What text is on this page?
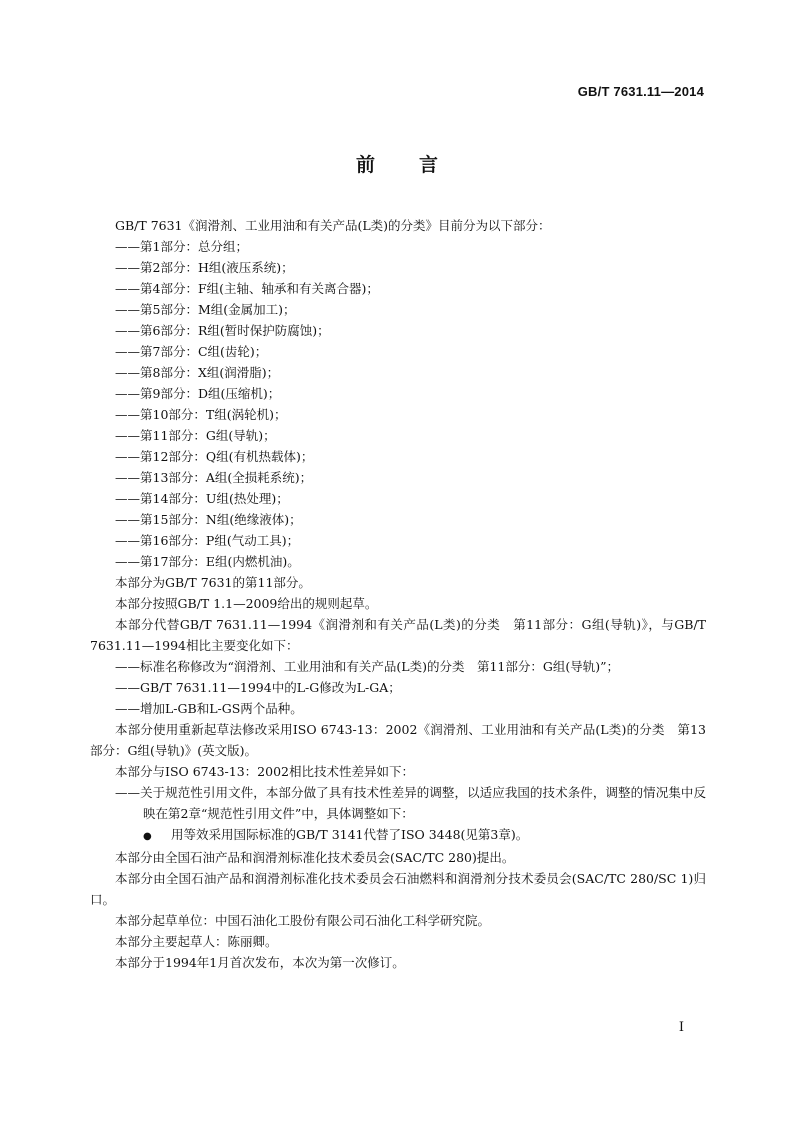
GB/T 7631.11—2014
前 言

GB/T 7631《润滑剂、工业用油和有关产品(L类)的分类》目前分为以下部分：

——第1部分：总分组；

——第2部分：H组(液压系统)；

——第4部分：F组(主轴、轴承和有关离合器)；

——第5部分：M组(金属加工)；

——第6部分：R组(暂时保护防腐蚀)；

——第7部分：C组(齿轮)；

——第8部分：X组(润滑脂)；

——第9部分：D组(压缩机)；

——第10部分：T组(涡轮机)；

——第11部分：G组(导轨)；

——第12部分：Q组(有机热载体)；

——第13部分：A组(全损耗系统)；

——第14部分：U组(热处理)；

——第15部分：N组(绝缘液体)；

——第16部分：P组(气动工具)；

——第17部分：E组(内燃机油)。

本部分为GB/T 7631的第11部分。

本部分按照GB/T 1.1—2009给出的规则起草。

本部分代替GB/T 7631.11—1994《润滑剂和有关产品(L类)的分类　第11部分：G组(导轨)》，与GB/T 7631.11—1994相比主要变化如下：

——标准名称修改为“润滑剂、工业用油和有关产品(L类)的分类　第11部分：G组(导轨)”；

——GB/T 7631.11—1994中的L-G修改为L-GA；

——增加L-GB和L-GS两个品种。

本部分使用重新起草法修改采用ISO 6743-13：2002《润滑剂、工业用油和有关产品(L类)的分类　第13部分：G组(导轨)》(英文版)。

本部分与ISO 6743-13：2002相比技术性差异如下：

——关于规范性引用文件，本部分做了具有技术性差异的调整，以适应我国的技术条件，调整的情况集中反映在第2章“规范性引用文件”中，具体调整如下：

● 用等效采用国际标准的GB/T 3141代替了ISO 3448(见第3章)。

本部分由全国石油产品和润滑剂标准化技术委员会(SAC/TC 280)提出。

本部分由全国石油产品和润滑剂标准化技术委员会石油燃料和润滑剂分技术委员会(SAC/TC 280/SC 1)归口。

本部分起草单位：中国石油化工股份有限公司石油化工科学研究院。

本部分主要起草人：陈丽卿。

本部分于1994年1月首次发布，本次为第一次修订。

I
